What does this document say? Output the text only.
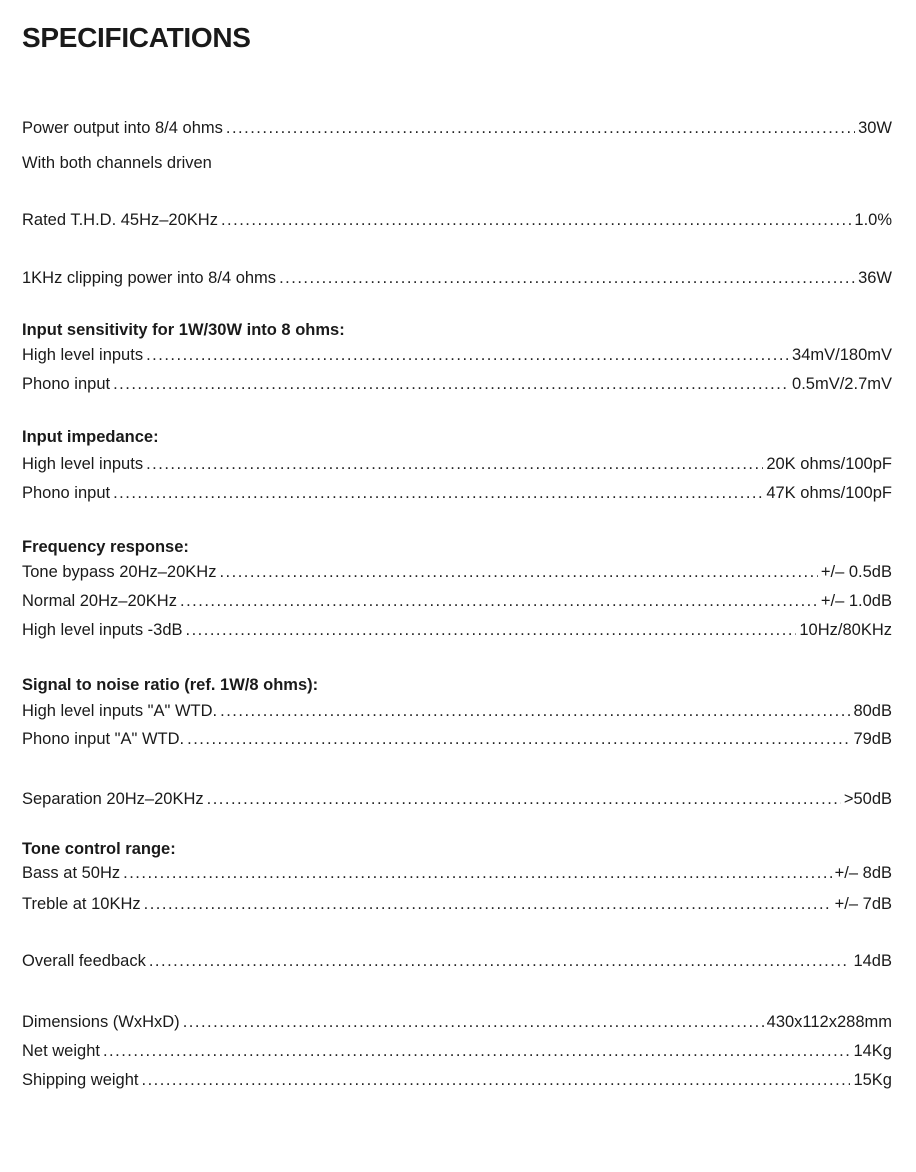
SPECIFICATIONS
Power output into 8/4 ohms .....	30W
With both channels driven
Rated T.H.D. 45Hz–20KHz .....	1.0%
1KHz clipping power into 8/4 ohms .....	36W
Input sensitivity for 1W/30W into 8 ohms:
High level inputs .....	34mV/180mV
Phono input .....	0.5mV/2.7mV
Input impedance:
High level inputs .....	20K ohms/100pF
Phono input .....	47K ohms/100pF
Frequency response:
Tone bypass 20Hz–20KHz .....	+/– 0.5dB
Normal 20Hz–20KHz .....	+/– 1.0dB
High level inputs -3dB .....	10Hz/80KHz
Signal to noise ratio (ref. 1W/8 ohms):
High level inputs "A" WTD. .....	80dB
Phono input "A" WTD. .....	79dB
Separation 20Hz–20KHz .....	>50dB
Tone control range:
Bass at 50Hz .....	+/– 8dB
Treble at 10KHz .....	+/– 7dB
Overall feedback .....	14dB
Dimensions (WxHxD) .....	430x112x288mm
Net weight .....	14Kg
Shipping weight .....	15Kg
